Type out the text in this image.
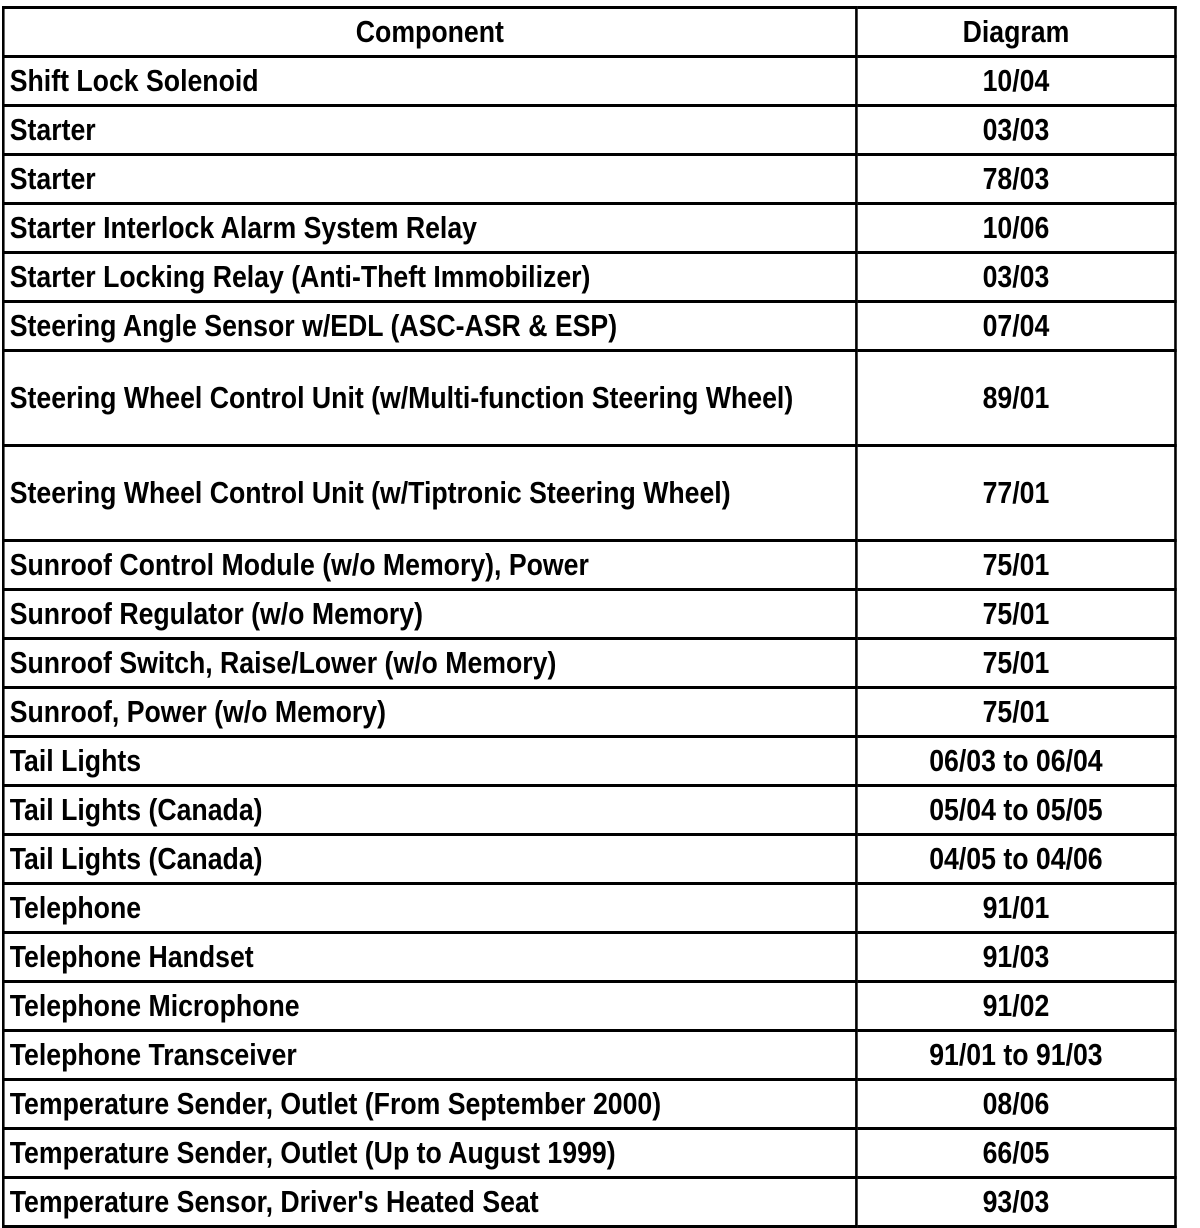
Component	Diagram
Shift Lock Solenoid	10/04
Starter	03/03
Starter	78/03
Starter Interlock Alarm System Relay	10/06
Starter Locking Relay (Anti-Theft Immobilizer)	03/03
Steering Angle Sensor w/EDL (ASC-ASR & ESP)	07/04
Steering Wheel Control Unit (w/Multi-function Steering Wheel)	89/01
Steering Wheel Control Unit (w/Tiptronic Steering Wheel)	77/01
Sunroof Control Module (w/o Memory), Power	75/01
Sunroof Regulator (w/o Memory)	75/01
Sunroof Switch, Raise/Lower (w/o Memory)	75/01
Sunroof, Power (w/o Memory)	75/01
Tail Lights	06/03 to 06/04
Tail Lights (Canada)	05/04 to 05/05
Tail Lights (Canada)	04/05 to 04/06
Telephone	91/01
Telephone Handset	91/03
Telephone Microphone	91/02
Telephone Transceiver	91/01 to 91/03
Temperature Sender, Outlet (From September 2000)	08/06
Temperature Sender, Outlet (Up to August 1999)	66/05
Temperature Sensor, Driver's Heated Seat	93/03
